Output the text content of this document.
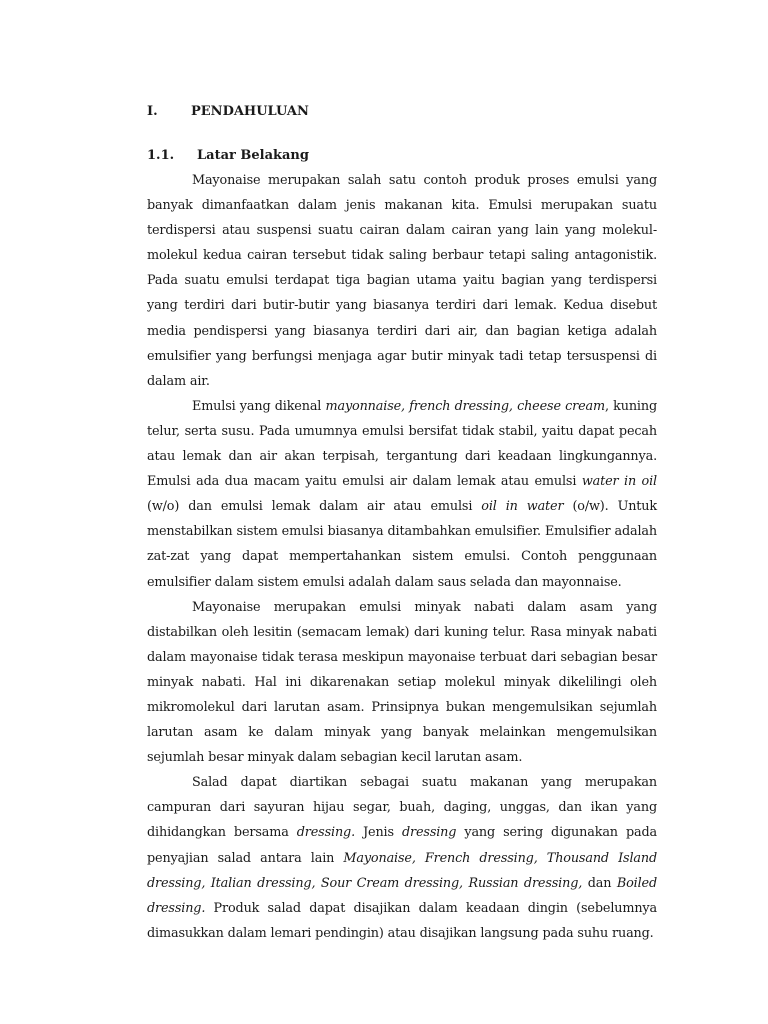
I.	PENDAHULUAN
1.1.	Latar Belakang

Mayonaise merupakan salah satu contoh produk proses emulsi yang banyak dimanfaatkan dalam jenis makanan kita. Emulsi merupakan suatu terdispersi atau suspensi suatu cairan dalam cairan yang lain yang molekul-molekul kedua cairan tersebut tidak saling berbaur tetapi saling antagonistik. Pada suatu emulsi terdapat tiga bagian utama yaitu bagian yang terdispersi yang terdiri dari butir-butir yang biasanya terdiri dari lemak. Kedua disebut media pendispersi yang biasanya terdiri dari air, dan bagian ketiga adalah emulsifier yang berfungsi menjaga agar butir minyak tadi tetap tersuspensi di dalam air.

Emulsi yang dikenal mayonnaise, french dressing, cheese cream, kuning telur, serta susu. Pada umumnya emulsi bersifat tidak stabil, yaitu dapat pecah atau lemak dan air akan terpisah, tergantung dari keadaan lingkungannya. Emulsi ada dua macam yaitu emulsi air dalam lemak atau emulsi water in oil (w/o) dan emulsi lemak dalam air atau emulsi oil in water (o/w). Untuk menstabilkan sistem emulsi biasanya ditambahkan emulsifier. Emulsifier adalah zat-zat yang dapat mempertahankan sistem emulsi. Contoh penggunaan emulsifier dalam sistem emulsi adalah dalam saus selada dan mayonnaise.

Mayonaise merupakan emulsi minyak nabati dalam asam yang distabilkan oleh lesitin (semacam lemak) dari kuning telur. Rasa minyak nabati dalam mayonaise tidak terasa meskipun mayonaise terbuat dari sebagian besar minyak nabati. Hal ini dikarenakan setiap molekul minyak dikelilingi oleh mikromolekul dari larutan asam. Prinsipnya bukan mengemulsikan sejumlah larutan asam ke dalam minyak yang banyak melainkan mengemulsikan sejumlah besar minyak dalam sebagian kecil larutan asam.

Salad dapat diartikan sebagai suatu makanan yang merupakan campuran dari sayuran hijau segar, buah, daging, unggas, dan ikan yang dihidangkan bersama dressing. Jenis dressing yang sering digunakan pada penyajian salad antara lain Mayonaise, French dressing, Thousand Island dressing, Italian dressing, Sour Cream dressing, Russian dressing, dan Boiled dressing. Produk salad dapat disajikan dalam keadaan dingin (sebelumnya dimasukkan dalam lemari pendingin) atau disajikan langsung pada suhu ruang.
